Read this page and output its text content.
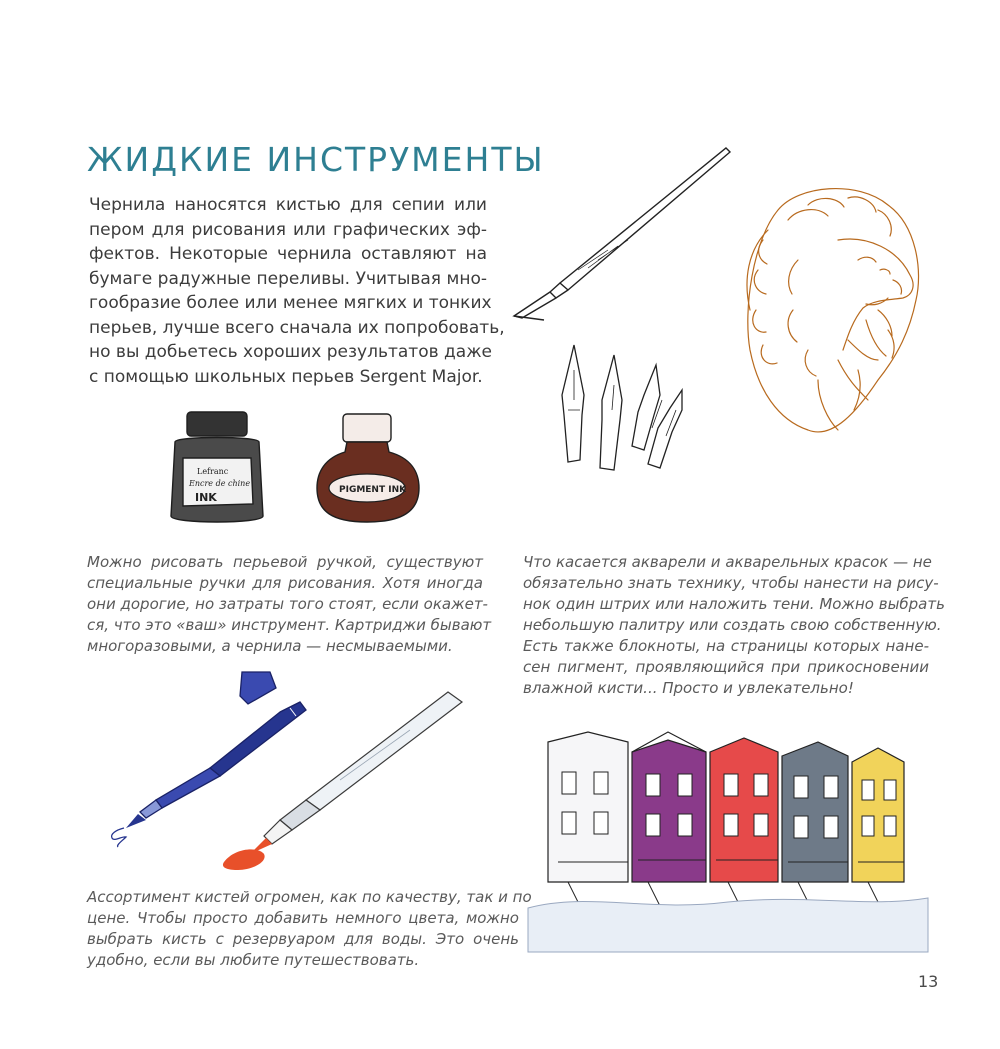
ЖИДКИЕ ИНСТРУМЕНТЫ
Чернила наносятся кистью для сепии или
пером для рисования или графических эф-
фектов. Некоторые чернила оставляют на
бумаге радужные переливы. Учитывая мно-
гообразие более или менее мягких и тонких
перьев, лучше всего сначала их попробовать,
но вы добьетесь хороших результатов даже
с помощью школьных перьев Sergent Major.
Lefranc
Encre de chine
INK
PIGMENT INK
Можно рисовать перьевой ручкой, существуют
специальные ручки для рисования. Хотя иногда
они дорогие, но затраты того стоят, если окажет-
ся, что это «ваш» инструмент. Картриджи бывают
многоразовыми, а чернила — несмываемыми.
Что касается акварели и акварельных красок — не
обязательно знать технику, чтобы нанести на рису-
нок один штрих или наложить тени. Можно выбрать
небольшую палитру или создать свою собственную.
Есть также блокноты, на страницы которых нане-
сен пигмент, проявляющийся при прикосновении
влажной кисти... Просто и увлекательно!
Ассортимент кистей огромен, как по качеству, так и по
цене. Чтобы просто добавить немного цвета, можно
выбрать кисть с резервуаром для воды. Это очень
удобно, если вы любите путешествовать.
13
